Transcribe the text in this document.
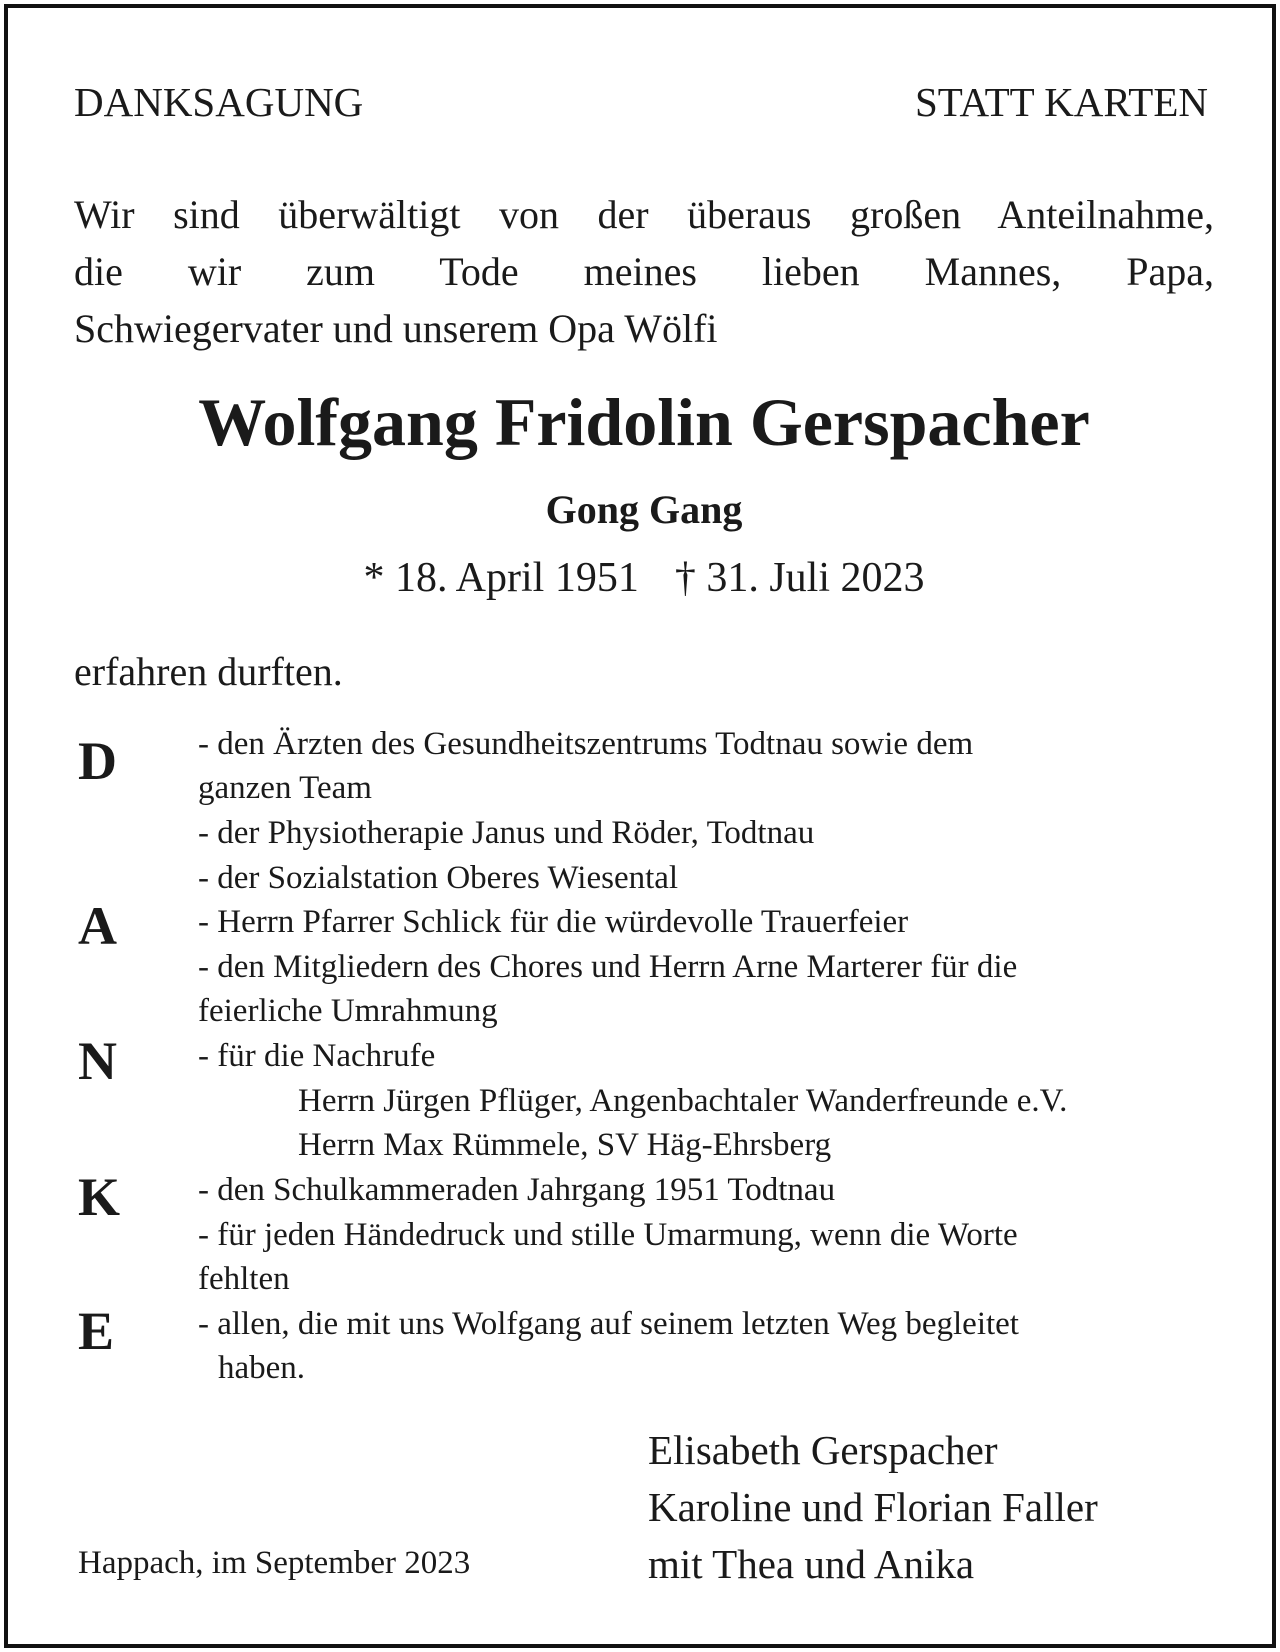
DANKSAGUNG	STATT KARTEN
Wir sind überwältigt von der überaus großen Anteilnahme,
die wir zum Tode meines lieben Mannes, Papa,
Schwiegervater und unserem Opa Wölfi
Wolfgang Fridolin Gerspacher
Gong Gang
* 18. April 1951 † 31. Juli 2023
erfahren durften.
D
A
N
K
E
- den Ärzten des Gesundheitszentrums Todtnau sowie dem
ganzen Team
- der Physiotherapie Janus und Röder, Todtnau
- der Sozialstation Oberes Wiesental
- Herrn Pfarrer Schlick für die würdevolle Trauerfeier
- den Mitgliedern des Chores und Herrn Arne Marterer für die
feierliche Umrahmung
- für die Nachrufe
Herrn Jürgen Pflüger, Angenbachtaler Wanderfreunde e.V.
Herrn Max Rümmele, SV Häg-Ehrsberg
- den Schulkammeraden Jahrgang 1951 Todtnau
- für jeden Händedruck und stille Umarmung, wenn die Worte
fehlten
- allen, die mit uns Wolfgang auf seinem letzten Weg begleitet
haben.
Happach, im September 2023
Elisabeth Gerspacher
Karoline und Florian Faller
mit Thea und Anika
